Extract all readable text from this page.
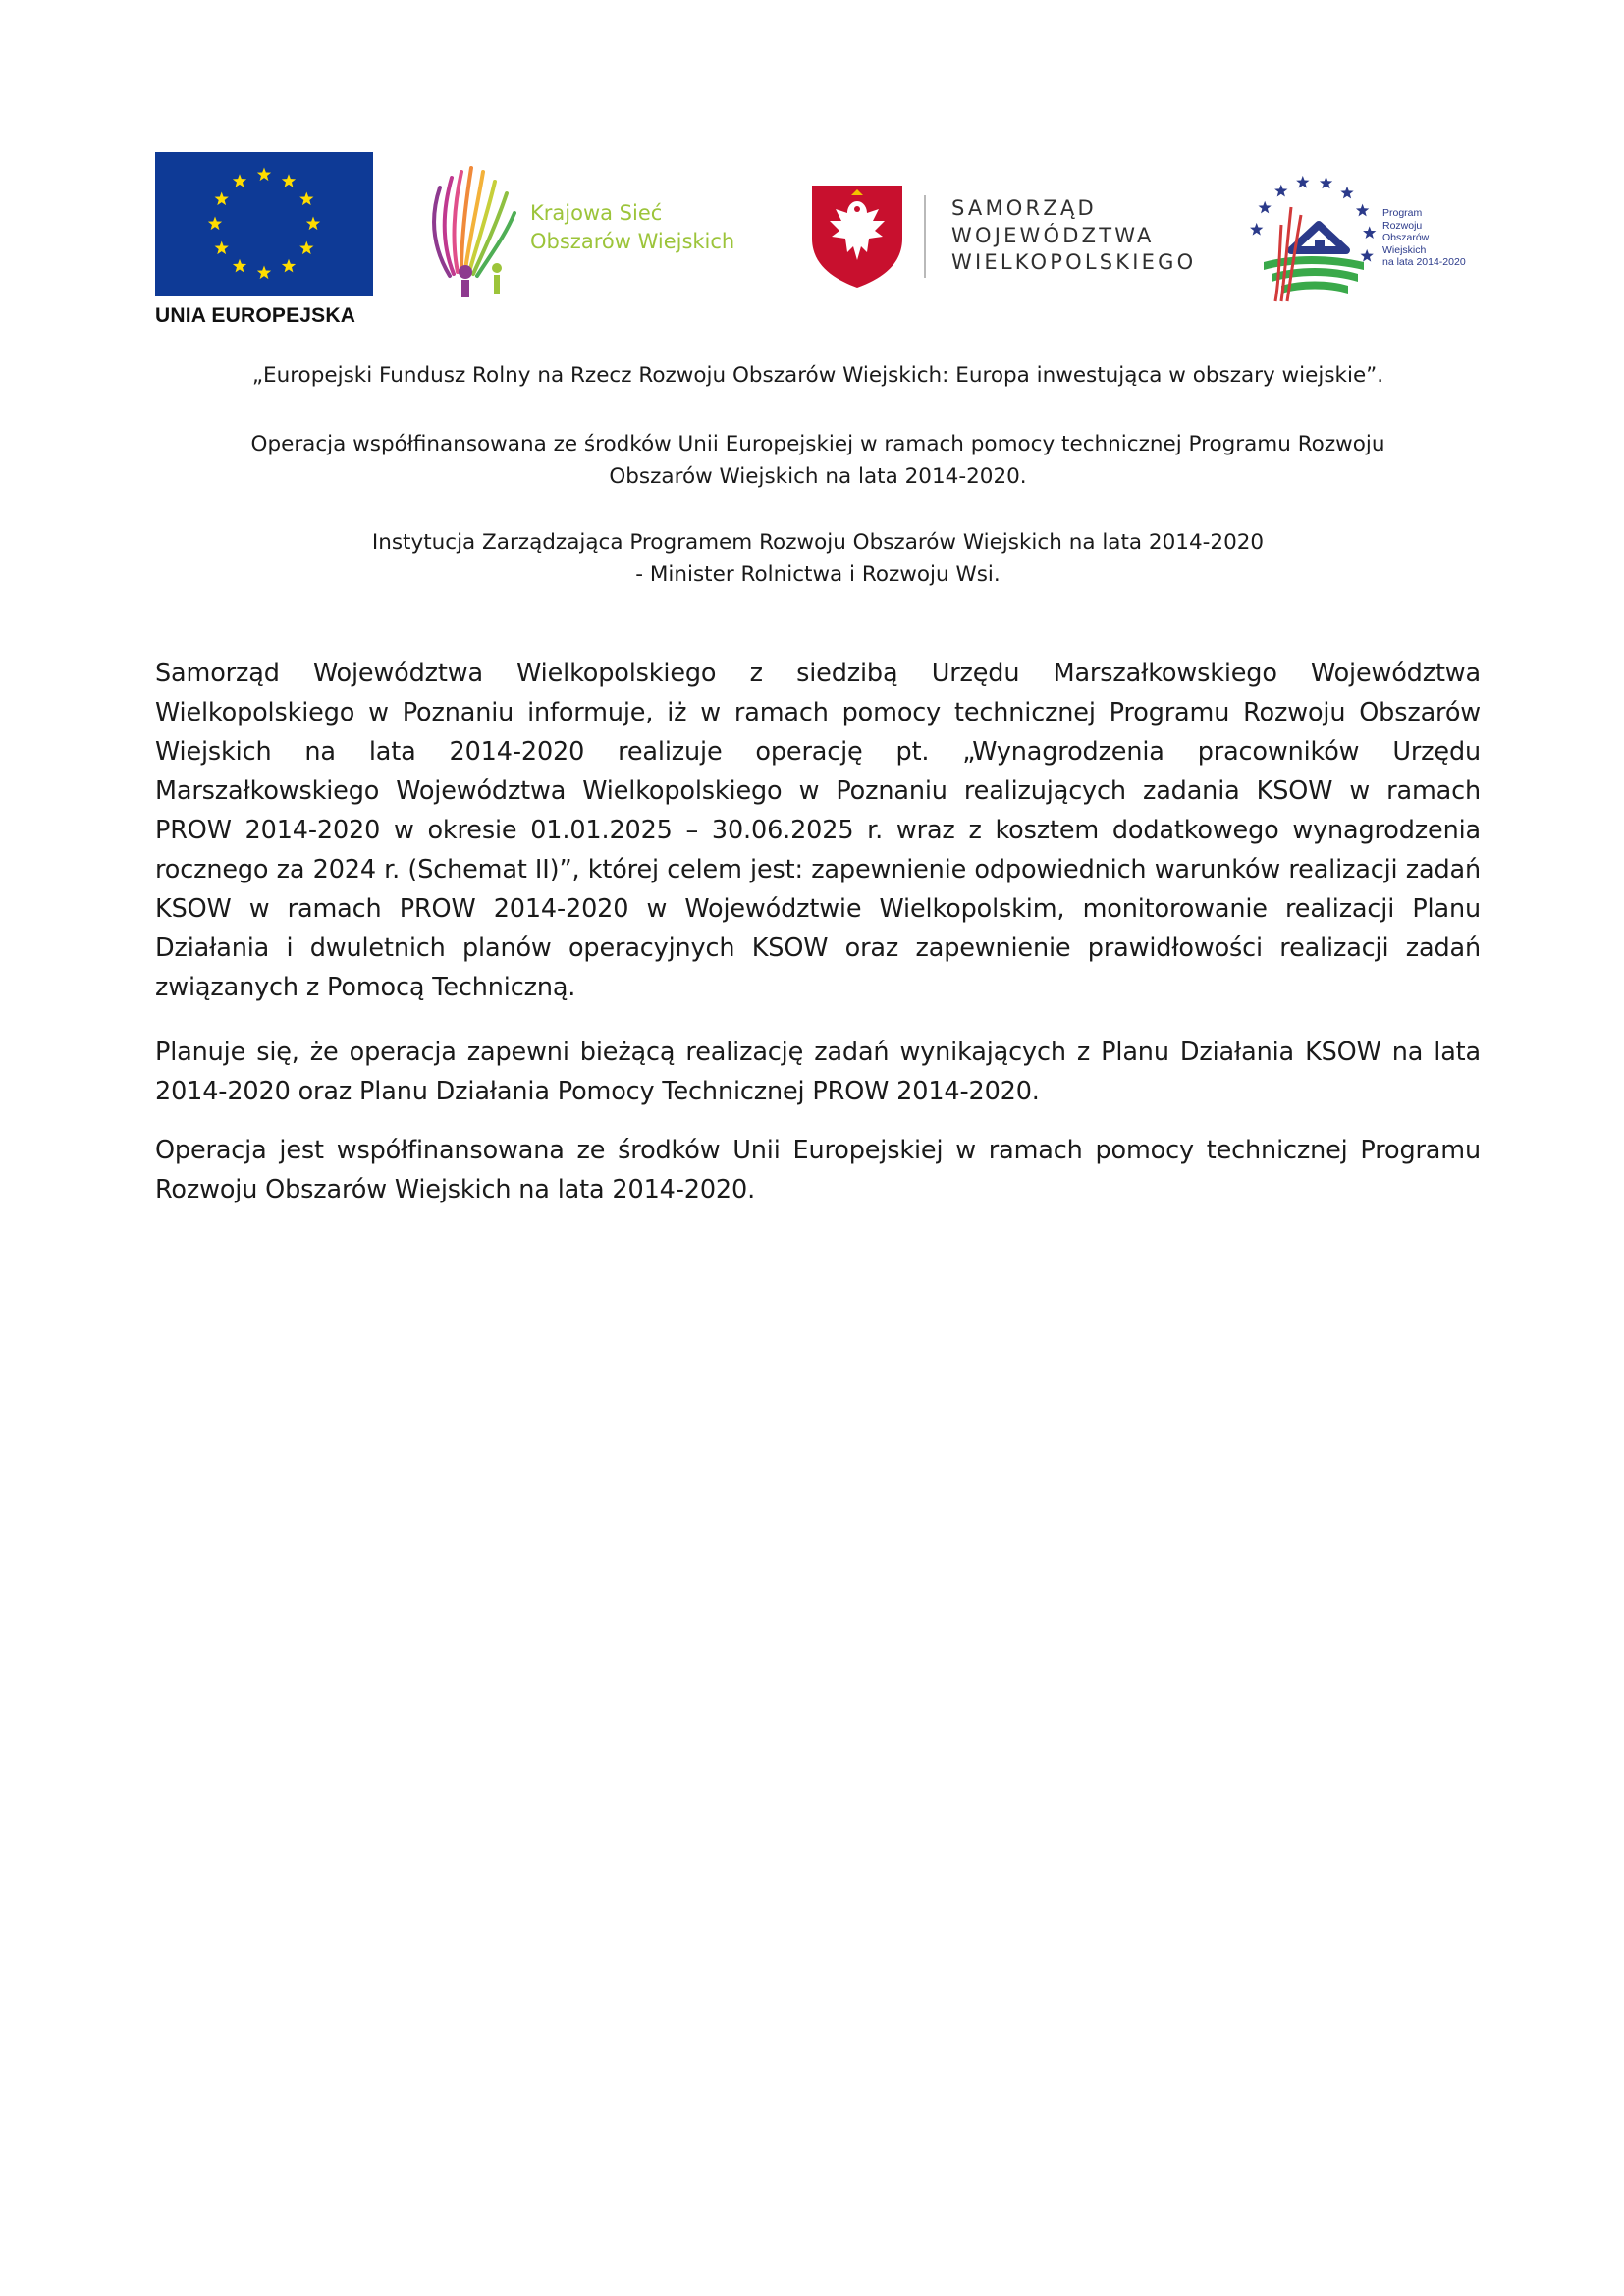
UNIA EUROPEJSKA
Krajowa Sieć
Obszarów Wiejskich
SAMORZĄD
WOJEWÓDZTWA
WIELKOPOLSKIEGO
Program
Rozwoju
Obszarów
Wiejskich
na lata 2014-2020
„Europejski Fundusz Rolny na Rzecz Rozwoju Obszarów Wiejskich: Europa inwestująca w obszary wiejskie”.
Operacja współfinansowana ze środków Unii Europejskiej w ramach pomocy technicznej Programu Rozwoju
Obszarów Wiejskich na lata 2014-2020.
Instytucja Zarządzająca Programem Rozwoju Obszarów Wiejskich na lata 2014-2020
- Minister Rolnictwa i Rozwoju Wsi.

Samorząd Województwa Wielkopolskiego z siedzibą Urzędu Marszałkowskiego Województwa Wielkopolskiego w Poznaniu informuje, iż w ramach pomocy technicznej Programu Rozwoju Obszarów Wiejskich na lata 2014-2020 realizuje operację pt. „Wynagrodzenia pracowników Urzędu Marszałkowskiego Województwa Wielkopolskiego w Poznaniu realizujących zadania KSOW w ramach PROW 2014-2020 w okresie 01.01.2025 – 30.06.2025 r. wraz z kosztem dodatkowego wynagrodzenia rocznego za 2024 r. (Schemat II)”, której celem jest: zapewnienie odpowiednich warunków realizacji zadań KSOW w ramach PROW 2014-2020 w Województwie Wielkopolskim, monitorowanie realizacji Planu Działania i dwuletnich planów operacyjnych KSOW oraz zapewnienie prawidłowości realizacji zadań związanych z Pomocą Techniczną.

Planuje się, że operacja zapewni bieżącą realizację zadań wynikających z Planu Działania KSOW na lata 2014-2020 oraz Planu Działania Pomocy Technicznej PROW 2014-2020.

Operacja jest współfinansowana ze środków Unii Europejskiej w ramach pomocy technicznej Programu Rozwoju Obszarów Wiejskich na lata 2014-2020.
